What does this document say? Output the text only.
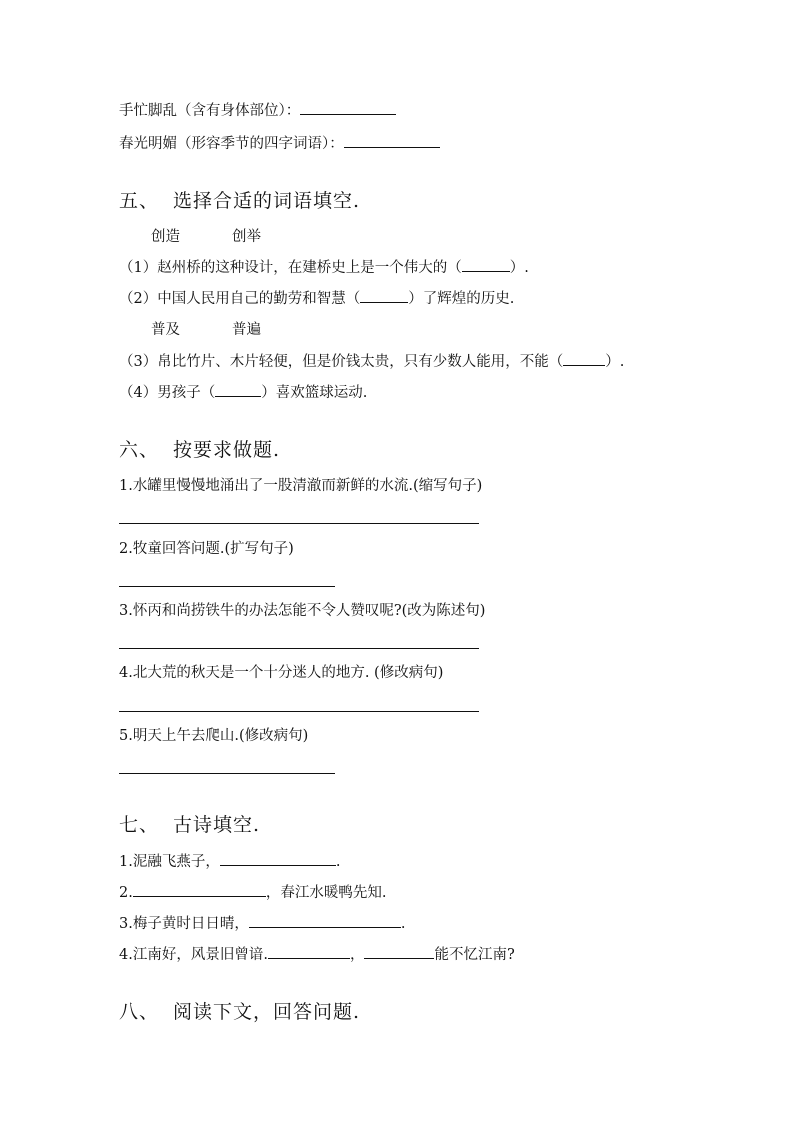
手忙脚乱（含有身体部位）：
春光明媚（形容季节的四字词语）：
五、 选择合适的词语填空.
创造	创举
（1）赵州桥的这种设计，在建桥史上是一个伟大的（	）.
（2）中国人民用自己的勤劳和智慧（	）了辉煌的历史.
普及	普遍
（3）帛比竹片、木片轻便，但是价钱太贵，只有少数人能用，不能（	）.
（4）男孩子（	）喜欢篮球运动.
六、 按要求做题.
1.水罐里慢慢地涌出了一股清澈而新鲜的水流.(缩写句子)
2.牧童回答问题.(扩写句子)
3.怀丙和尚捞铁牛的办法怎能不令人赞叹呢?(改为陈述句)
4.北大荒的秋天是一个十分迷人的地方. (修改病句)
5.明天上午去爬山.(修改病句)
七、 古诗填空.
1.泥融飞燕子，	.
2.	，春江水暖鸭先知.
3.梅子黄时日日晴，	.
4.江南好，风景旧曾谙.	，	能不忆江南?
八、 阅读下文，回答问题.
